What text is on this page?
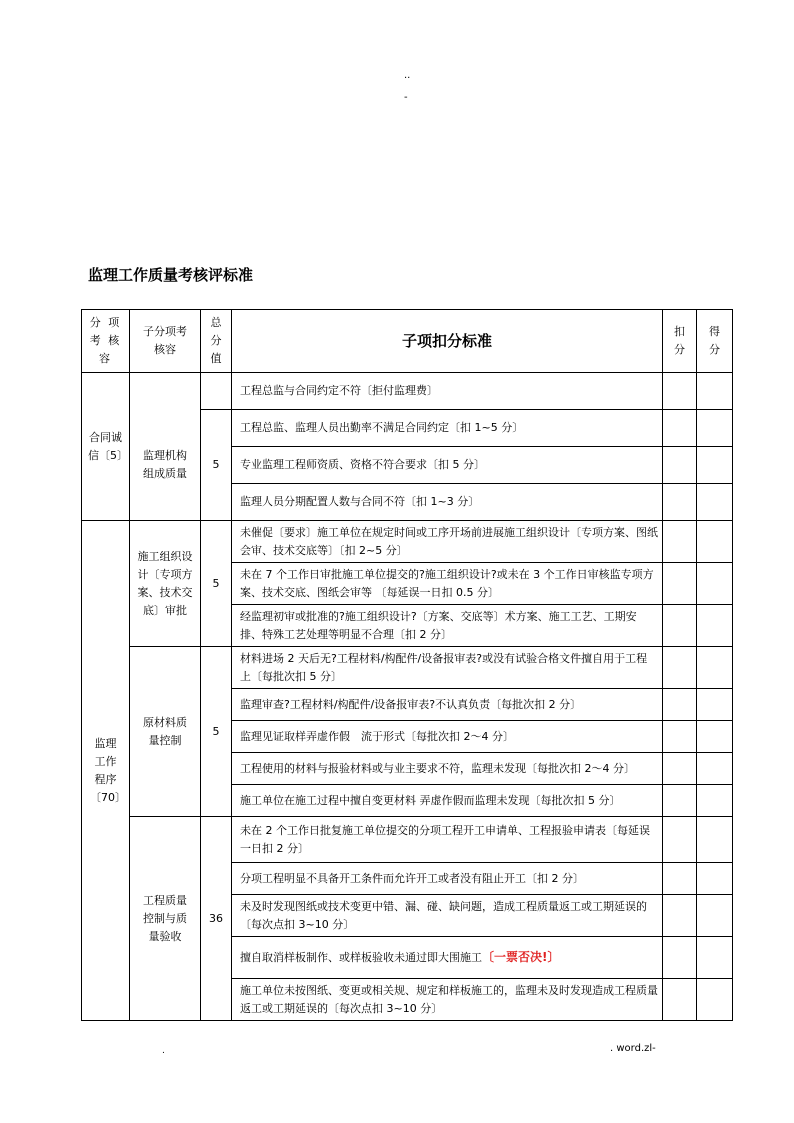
..
-
监理工作质量考核评标准
分 项 考 核 容	子分项考核容	总分值	子项扣分标准	扣分	得分
合同诚信〔5〕			工程总监与合同约定不符〔拒付监理费〕		
	监理机构组成质量	5	工程总监、监理人员出勤率不满足合同约定〔扣 1~5 分〕		
			专业监理工程师资质、资格不符合要求〔扣 5 分〕		
			监理人员分期配置人数与合同不符〔扣 1~3 分〕		
监理工作程序〔70〕	施工组织设计〔专项方案、技术交底〕审批	5	未催促〔要求〕施工单位在规定时间或工序开场前进展施工组织设计〔专项方案、图纸会审、技术交底等〕〔扣 2~5 分〕		
			未在 7 个工作日审批施工单位提交的?施工组织设计?或未在 3 个工作日审核监专项方案、技术交底、图纸会审等 〔每延误一日扣 0.5 分〕		
			经监理初审或批准的?施工组织设计?〔方案、交底等〕术方案、施工工艺、工期安排、特殊工艺处理等明显不合理〔扣 2 分〕		
	原材料质量控制	5	材料进场 2 天后无?工程材料/构配件/设备报审表?或没有试验合格文件擅自用于工程上〔每批次扣 5 分〕		
			监理审查?工程材料/构配件/设备报审表?不认真负责〔每批次扣 2 分〕		
			监理见证取样弄虚作假　流于形式〔每批次扣 2～4 分〕		
			工程使用的材料与报验材料或与业主要求不符，监理未发现〔每批次扣 2～4 分〕		
			施工单位在施工过程中擅自变更材料 弄虚作假而监理未发现〔每批次扣 5 分〕		
	工程质量控制与质量验收	36	未在 2 个工作日批复施工单位提交的分项工程开工申请单、工程报验申请表〔每延误一日扣 2 分〕		
			分项工程明显不具备开工条件而允许开工或者没有阻止开工〔扣 2 分〕		
			未及时发现图纸或技术变更中错、漏、碰、缺问题，造成工程质量返工或工期延误的〔每次点扣 3~10 分〕		
			擅自取消样板制作、或样板验收未通过即大围施工〔一票否决!〕		
			施工单位未按图纸、变更或相关规、规定和样板施工的，监理未及时发现造成工程质量返工或工期延误的〔每次点扣 3~10 分〕		
.	. word.zl-
